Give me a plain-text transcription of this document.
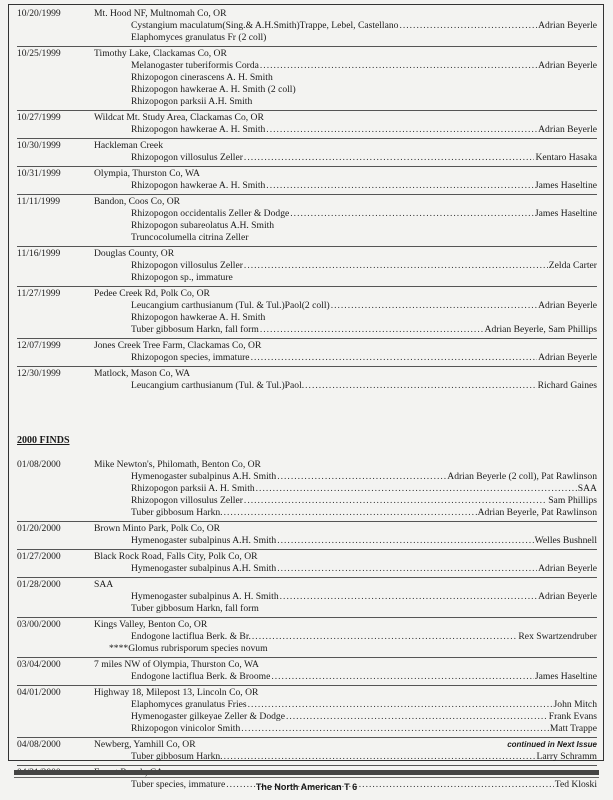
10/20/1999	Mt. Hood NF, Multnomah Co, OR
Cystangium maculatum(Sing.& A.H.Smith)Trappe, Lebel, Castellano .....	Adrian Beyerle
Elaphomyces granulatus Fr (2 coll)
10/25/1999	Timothy Lake, Clackamas Co, OR
Melanogaster tuberiformis Corda .....	Adrian Beyerle
Rhizopogon cinerascens A. H. Smith
Rhizopogon hawkerae A. H. Smith (2 coll)
Rhizopogon parksii A.H. Smith
10/27/1999	Wildcat Mt. Study Area, Clackamas Co, OR
Rhizopogon hawkerae A. H. Smith .....	Adrian Beyerle
10/30/1999	Hackleman Creek
Rhizopogon villosulus Zeller .....	Kentaro Hasaka
10/31/1999	Olympia, Thurston Co, WA
Rhizopogon hawkerae A. H. Smith .....	James Haseltine
11/11/1999	Bandon, Coos Co, OR
Rhizopogon occidentalis Zeller & Dodge .....	James Haseltine
Rhizopogon subareolatus A.H. Smith
Truncocolumella citrina Zeller
11/16/1999	Douglas County, OR
Rhizopogon villosulus Zeller .....	Zelda Carter
Rhizopogon sp., immature
11/27/1999	Pedee Creek Rd, Polk Co, OR
Leucangium carthusianum (Tul. & Tul.)Paol(2 coll) .....	Adrian Beyerle
Rhizopogon hawkerae A. H. Smith
Tuber gibbosum Harkn, fall form .....	Adrian Beyerle, Sam Phillips
12/07/1999	Jones Creek Tree Farm, Clackamas Co, OR
Rhizopogon species, immature .....	Adrian Beyerle
12/30/1999	Matlock, Mason Co, WA
Leucangium carthusianum (Tul. & Tul.)Paol. .....	Richard Gaines
2000 FINDS
01/08/2000	Mike Newton's, Philomath, Benton Co, OR
Hymenogaster subalpinus A.H. Smith .....	Adrian Beyerle (2 coll), Pat Rawlinson
Rhizopogon parksii A. H. Smith .....	SAA
Rhizopogon villosulus Zeller .....	Sam Phillips
Tuber gibbosum Harkn. .....	Adrian Beyerle, Pat Rawlinson
01/20/2000	Brown Minto Park, Polk Co, OR
Hymenogaster subalpinus A.H. Smith .....	Welles Bushnell
01/27/2000	Black Rock Road, Falls City, Polk Co, OR
Hymenogaster subalpinus A.H. Smith .....	Adrian Beyerle
01/28/2000	SAA
Hymenogaster subalpinus A. H. Smith .....	Adrian Beyerle
Tuber gibbosum Harkn, fall form
03/00/2000	Kings Valley, Benton Co, OR
Endogone lactiflua Berk. & Br. .....	Rex Swartzendruber
****Glomus rubrisporum species novum
03/04/2000	7 miles NW of Olympia, Thurston Co, WA
Endogone lactiflua Berk. & Broome .....	James Haseltine
04/01/2000	Highway 18, Milepost 13, Lincoln Co, OR
Elaphomyces granulatus Fries .....	John Mitch
Hymenogaster gilkeyae Zeller & Dodge .....	Frank Evans
Rhizopogon vinicolor Smith .....	Matt Trappe
04/08/2000	Newberg, Yamhill Co, OR
Tuber gibbosum Harkn. .....	Larry Schramm
Tuber species, immature .....	Ted Kloski
continued in Next Issue
The North American T 6
